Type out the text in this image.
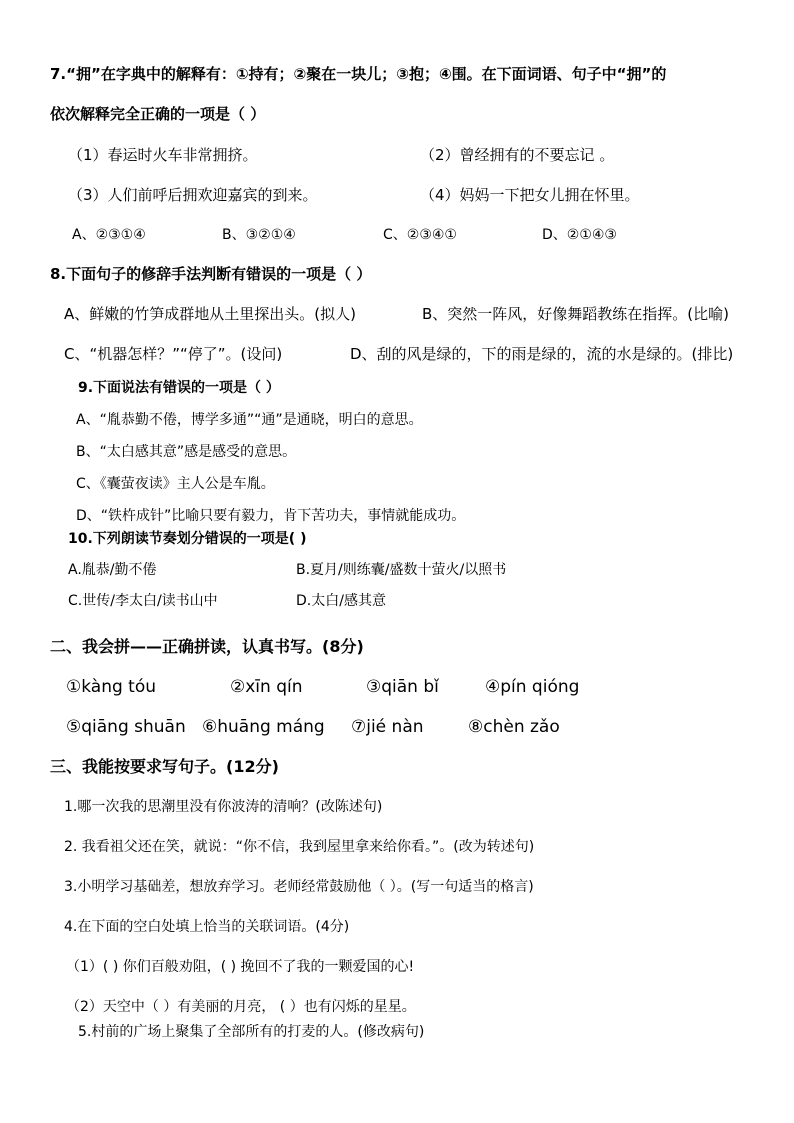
7.“拥”在字典中的解释有：①持有；②聚在一块儿；③抱；④围。在下面词语、句子中“拥”的
依次解释完全正确的一项是（ ）
（1）春运时火车非常拥挤。	（2）曾经拥有的不要忘记 。
（3）人们前呼后拥欢迎嘉宾的到来。	（4）妈妈一下把女儿拥在怀里。
A、②③①④	B、③②①④	C、②③④①	D、②①④③
8.下面句子的修辞手法判断有错误的一项是（ ）
A、鲜嫩的竹笋成群地从土里探出头。(拟人)	B、突然一阵风，好像舞蹈教练在指挥。(比喻)
C、“机器怎样？”“停了”。(设问)	D、刮的风是绿的，下的雨是绿的，流的水是绿的。(排比)
9.下面说法有错误的一项是（ ）
A、“胤恭勤不倦，博学多通”“通”是通晓，明白的意思。
B、“太白感其意”感是感受的意思。
C、《囊萤夜读》主人公是车胤。
D、“铁杵成针”比喻只要有毅力，肯下苦功夫，事情就能成功。
10.下列朗读节奏划分错误的一项是( )
A.胤恭/勤不倦	B.夏月/则练囊/盛数十萤火/以照书
C.世传/李太白/读书山中	D.太白/感其意
二、我会拼——正确拼读，认真书写。(8分)
①kàng tóu	②xīn qín	③qiān bǐ	④pín qióng
⑤qiāng shuān ⑥huāng máng ⑦jié nàn	⑧chèn zǎo
三、我能按要求写句子。(12分)
1.哪一次我的思潮里没有你波涛的清响？(改陈述句)
2. 我看祖父还在笑，就说：“你不信，我到屋里拿来给你看。”。(改为转述句)
3.小明学习基础差，想放弃学习。老师经常鼓励他（ ）。(写一句适当的格言)
4.在下面的空白处填上恰当的关联词语。(4分)
（1）( ) 你们百般劝阻，( ) 挽回不了我的一颗爱国的心!
（2）天空中（ ）有美丽的月亮， ( ）也有闪烁的星星。
5.村前的广场上聚集了全部所有的打麦的人。(修改病句)
